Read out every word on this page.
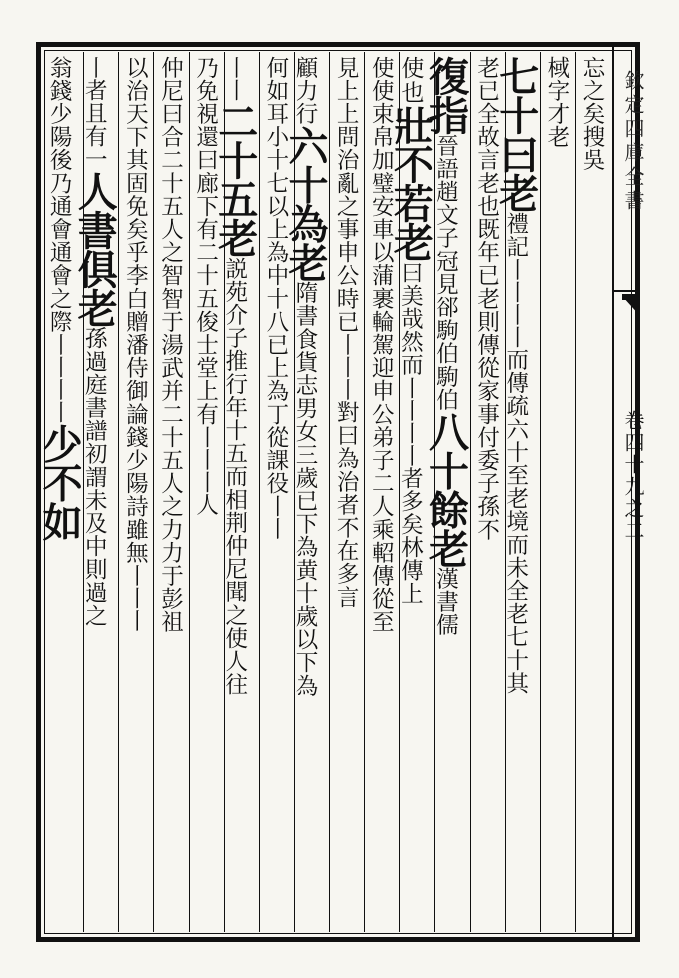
欽定四庫全書
卷四十九之二
忘之矣搜吳
棫字才老
七十曰老禮記丨丨丨丨而傳疏六十至老境而未全老七十其
老已全故言老也既年已老則傳從家事付委子孫不
復指晉語趙文子冠見郤駒伯駒伯八十餘老漢書儒
使也壯不若老曰美哉然而丨丨丨丨者多矣林傳上
使使束帛加璧安車以蒲裹輪駕迎申公弟子二人乘軺傳從至
見上上問治亂之事申公時已丨丨丨對曰為治者不在多言
顧力行六十為老隋書食貨志男女三歲已下為黄十歲以下為
何如耳小十七以上為中十八已上為丁從課役丨丨
丨丨二十五老説苑介子推行年十五而相荆仲尼聞之使人往
乃免視還曰廊下有二十五俊士堂上有丨丨丨人
仲尼曰合二十五人之智智于湯武并二十五人之力力于彭祖
以治天下其固免矣乎李白贈潘侍御論錢少陽詩雖無丨丨丨
丨者且有一人書俱老孫過庭書譜初謂未及中則過之
翁錢少陽後乃通會通會之際丨丨丨丨少不如
